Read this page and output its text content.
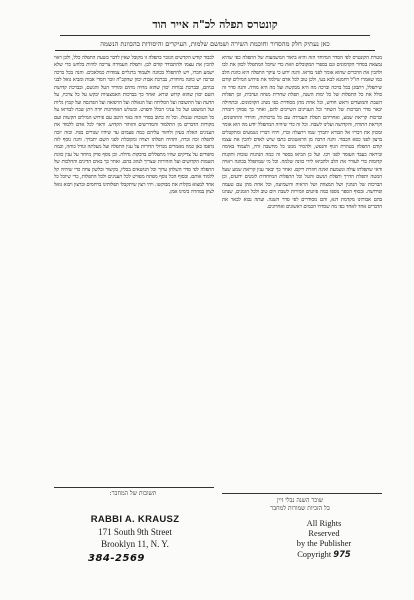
קונטרס תפלה לכ"ה אייר הוד
כאן נעתיק חלק מהסדור וחוכמת השירה ושמשם שלמות, העיקרים והיסודות בהכוונת הנשמה

מטרת הקונטרס לפי הסדר המיוחד הזה והיא ביאור המשמעות של התפלה כפי שהיא נמצאת בסדור הקדמונים וגם בספרי המקובלים וזאת כדי שיוכל המתפלל לכוון את לבו ולהבין את הדברים שהוא אומר לפני בוראו. והנה ידוע כי עיקר התפלה היא כוונת הלב כמו שאמרו חז"ל רחמנא לבא בעי, ולכן טוב לכל אדם שילמד את פירוש המילים קודם שיתפלל, ויתבונן בכל ברכה וברכה מה היא מבקשת ועל מה היא מודה. והנה סדר זה כולל את כל התפלות של כל ימות השנה, תפלת שחרית מנחה וערבית, וכן תפלות השבת והמועדים וראש חודש, וכל אחת מהן מסודרת כפי מנהג הקדמונים. ובתחילה יבאר סדר הברכות של השחר וכל העניינים השייכים להם, ואחר כך פסוקי דזמרה וברכות קריאת שמע, ואחריהם תפלת העמידה עם כל ברכותיה, והוידוי והתחנונים, וקריאת התורה, והקדושה ועלינו לשבח. וכל זה כדי שיהיה המתפלל יודע מה הוא אומר ומכוון את דבריו אל הבורא יתברך שמו ויתעלה זכרו, ויהיו דבריו נשמעים ומתקבלים ברצון לפני כסא הכבוד. והנה הרבה מן הראשונים כתבו שיש לאדם להכין את עצמו קודם התפלה בטהרת הגוף והנפש, ולהסיר ממנו כל מחשבה זרה, ולעמוד באימה וביראה כעבד העומד לפני רבו. ועל כן הביאו בספר זה כמה הנהגות טובות ותקנות קדומות כדי לעורר את הלב ולהביאו לידי כוונה שלמה. וכל מי שמתפלל בכוונה ראויה ודאי שתפלתו עולה ונשמעת ואינה חוזרת ריקם. ואחר כך יבאר ענין קריאת שמע שעל המטה ותפלת הדרך ותפלת הגשם והטל וכל התפלות המיוחדות לזמנים ידועים, וכן הברכות של הנהנין ושל המצוות ושל הראיה והשמיעה, וכל אחת מהן עם טעמה ופירושה. ובסוף הספר נוספו כמה פיוטים וזמירות לשבת ויום טוב ולכל הזמנים, שנהגו בהם אבותינו מקדמת דנא, והם מסודרים לפי סדר השנה. ועתה נבוא לבאר את הדברים אחד לאחד כפי מה שסדרו חכמים ראשונים ואחרונים.

לכבוד קודש הקדשים הנזכר בתפלה זו מקובל שאין לדבר בשעת התפלה כלל, ולכן ראוי להכין את עצמו ולהתבודד קודם לכן. ותפלת העמידה צריכה להיות בלחש כדי שלא ישמע חברו, ויש להתפלל בכוונה ולעמוד ברגליים צמודות כמלאכים. והנה בכל ברכה וברכה יש כוונה מיוחדת, בברכת אבות יכוון שהקב"ה זוכר חסדי אבות ומביא גואל לבני בניהם, ובברכת גבורות יכוון שהוא מחיה מתים ומוריד הטל והגשם, ובברכת קדושת השם יכוון שהוא קדוש ונורא. ואחר כך בברכות האמצעיות יבקש על כל צרכיו, על הדעת ועל התשובה ועל הסליחה ועל הגאולה ועל הרפואה ועל הפרנסה ועל קבוץ גליות ועל המשפט ועל כל עניני הכלל והפרט. ובשלש האחרונות יודה ויתן שבח לבוראו על כל הטובות שגמלו. וכל זה כתוב בסדר הזה באר היטב עם פירוש המילים הקשות ועם מקורות הדברים מן התלמוד והמדרשים והזוהר הקדוש. וראוי לכל אדם ללמוד את הענינים האלה בעיון ולחזור עליהם כמה פעמים עד שיהיו שגורים בפיו. ובזה יזכה לתפלה זכה וברה, ותהיה תפלתו רצויה ומקובלת לפני השם יתברך. והנה נוסף לזה נדפסו כאן כמה מאמרים מגדולי הדורות על ענין התפלה ועל מעלתה וגודל כוחה, וכמה סיפורים על צדיקים שהיו מתפללים בדבקות גדולה. וכן נוסף פרק מיוחד על ענין כוונת השמות הקדושים ועל הזהירות שצריך לנהוג בהם. ואחר כך באים הדינים וההלכות של התפלה לפי סדר השלחן ערוך וכל הנושאים בכליו, בקיצור ובלשון צחה כדי שיהיה קל ללמוד אותם. ובסוף הכל נוסף מפתח מפורט לכל הענינים ולכל התפלות, כדי שיוכל כל אחד למצוא בקלות את מבוקשו. ויהי רצון שיתקבלו תפלותינו ברחמים וברצון ויבוא גואל לציון במהרה בימינו אמן.

שוכר השנה נבלי זיין
בל הזכיות שמורות למחבר
תשובות של המחבר:
RABBI A. KRAUSZ
171 South 9th Street
Brooklyn 11, N. Y.
384-2569
All Rights Reserved
by the Publisher
Copyright 975
